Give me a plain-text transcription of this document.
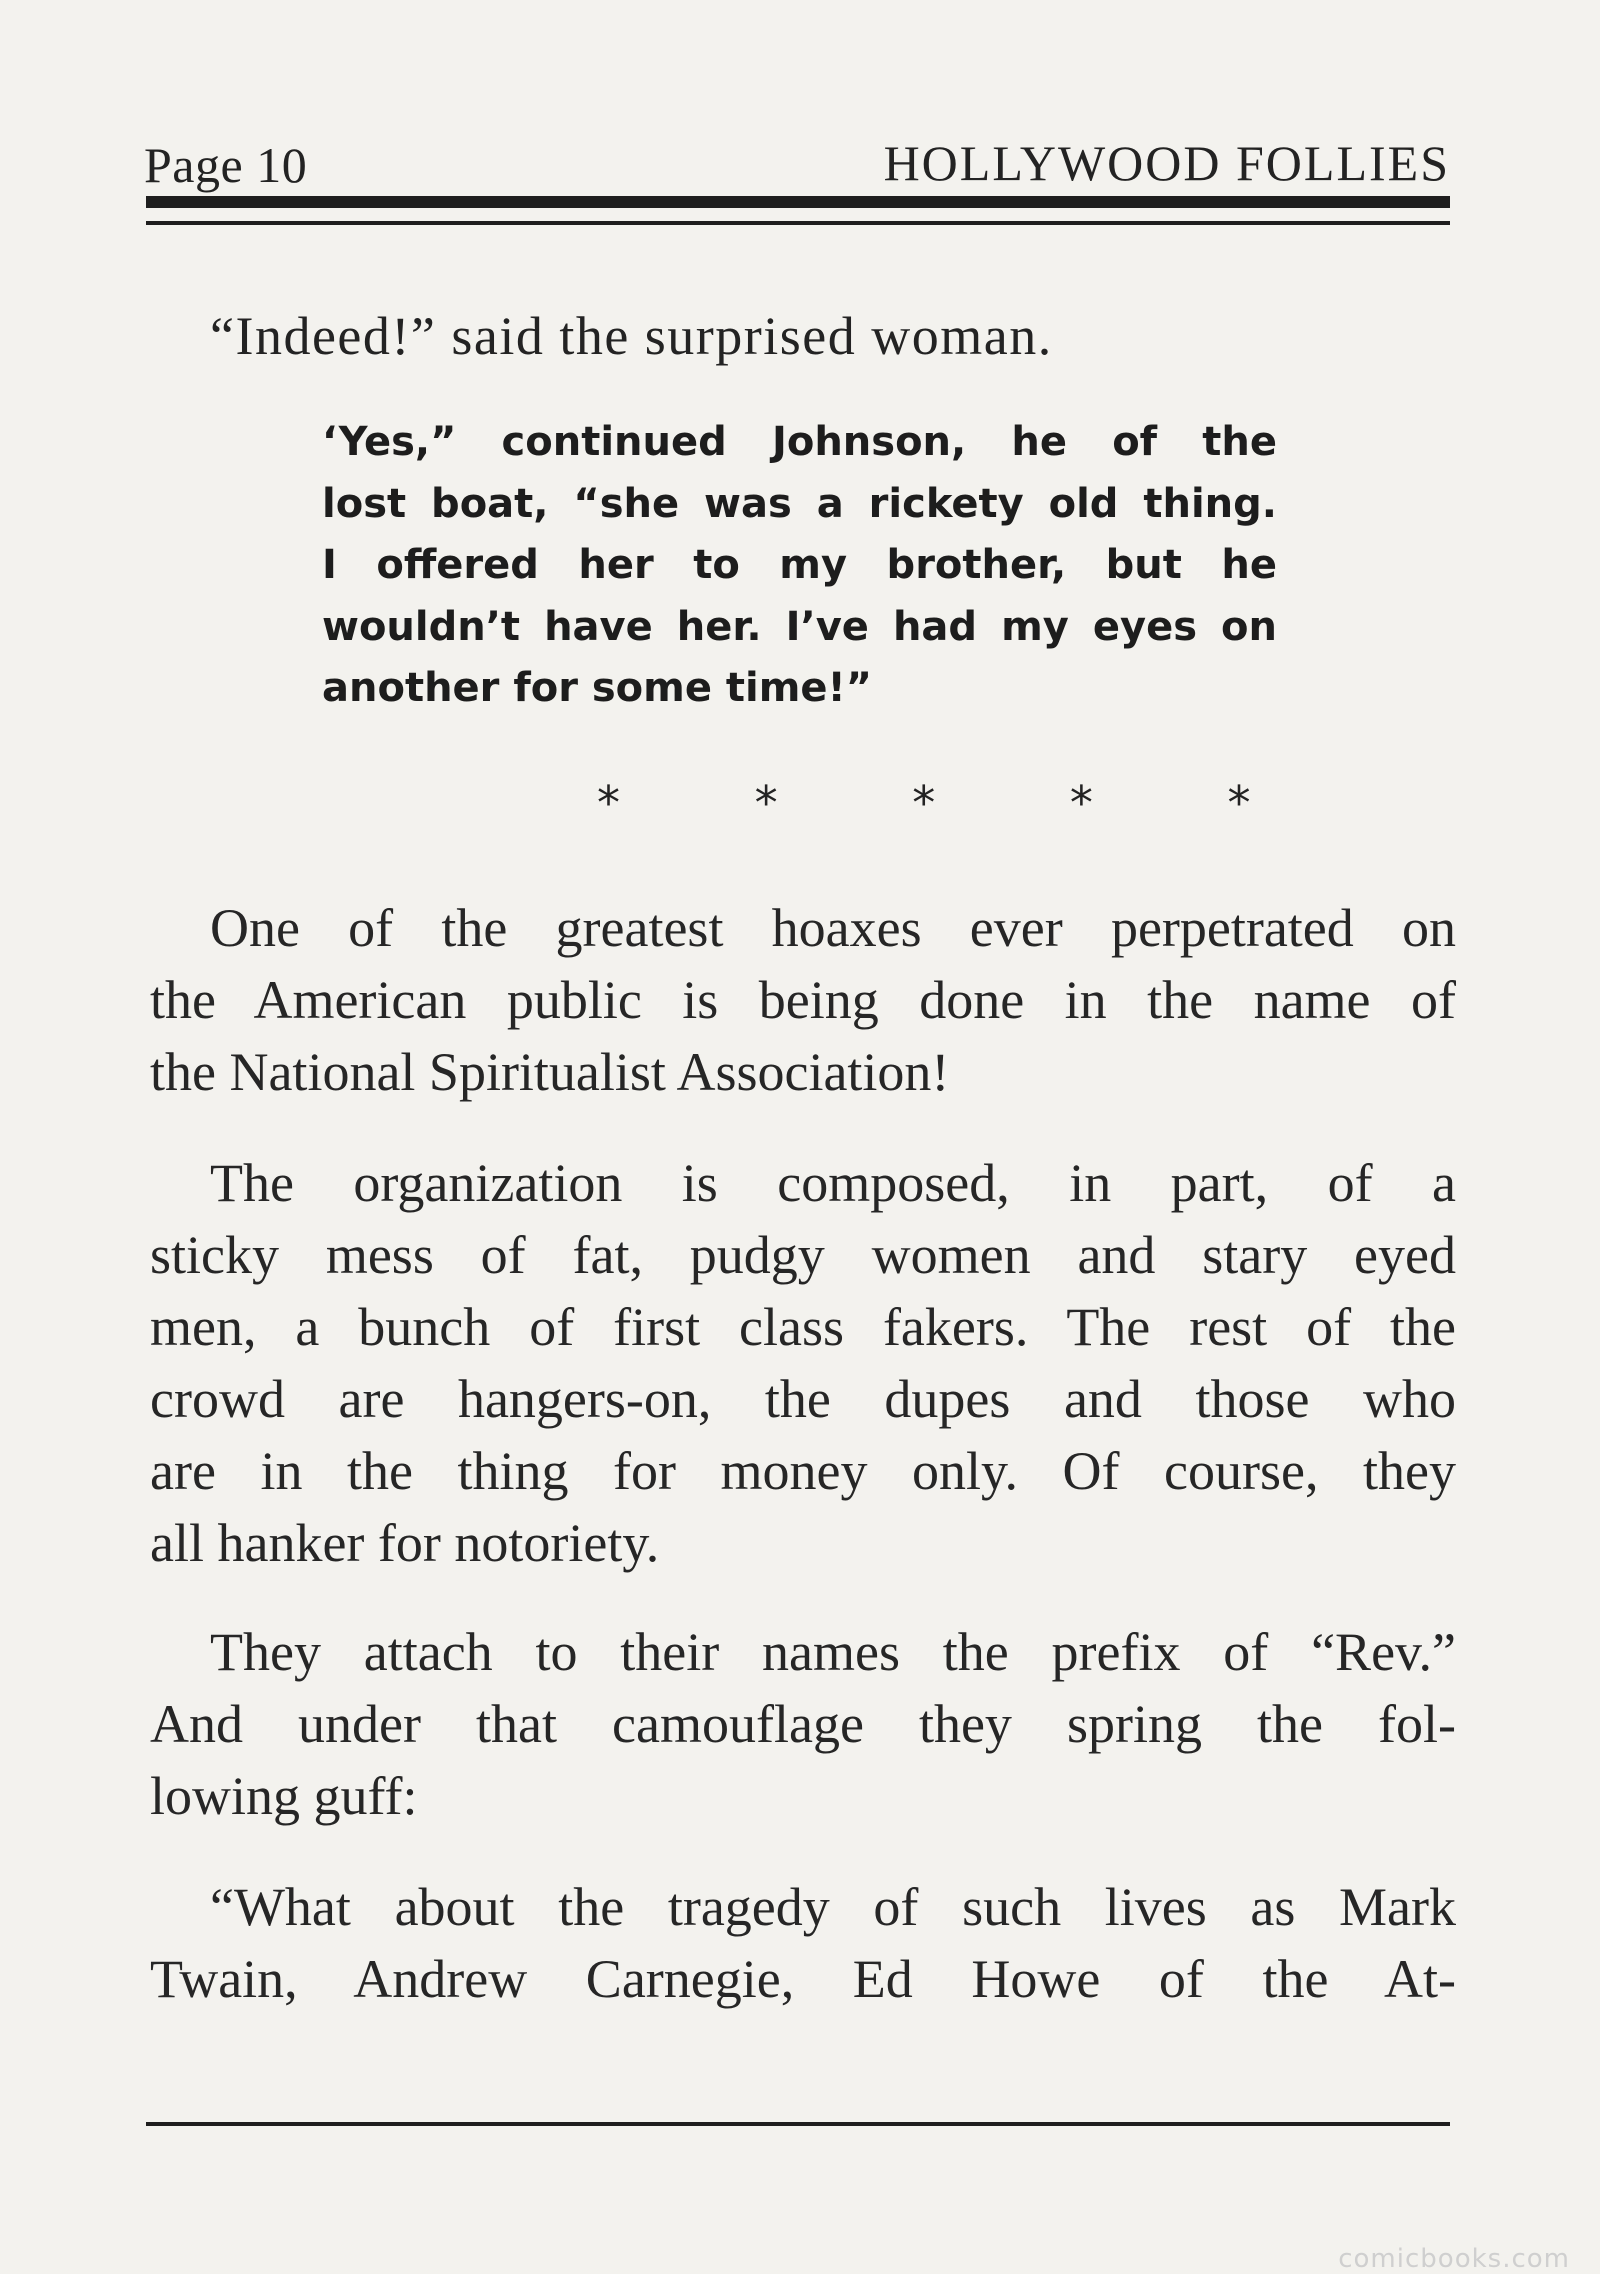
Page 10	HOLLYWOOD FOLLIES
“Indeed!” said the surprised woman.
‘Yes,” continued Johnson, he of the
lost boat, “she was a rickety old thing.
I offered her to my brother, but he
wouldn’t have her. I’ve had my eyes on
another for some time!”
* * * * *
One of the greatest hoaxes ever perpetrated on
the American public is being done in the name of
the National Spiritualist Association!
The organization is composed, in part, of a
sticky mess of fat, pudgy women and stary eyed
men, a bunch of first class fakers. The rest of the
crowd are hangers-on, the dupes and those who
are in the thing for money only. Of course, they
all hanker for notoriety.
They attach to their names the prefix of “Rev.”
And under that camouflage they spring the fol-
lowing guff:
“What about the tragedy of such lives as Mark
Twain, Andrew Carnegie, Ed Howe of the At-
comicbooks.com
